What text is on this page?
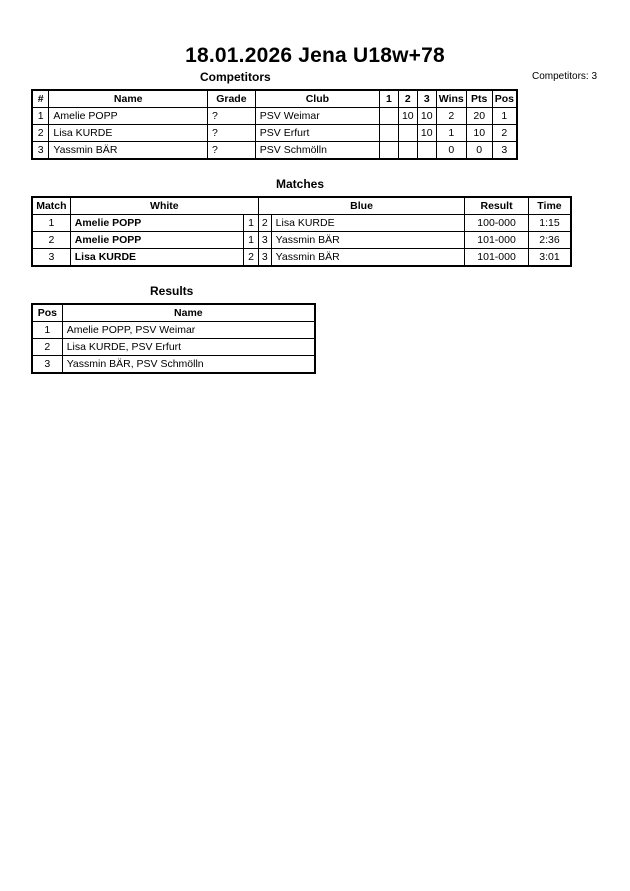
18.01.2026 Jena U18w+78
Competitors	Competitors: 3
#	Name	Grade	Club	1	2	3	Wins	Pts	Pos
1	Amelie POPP	?	PSV Weimar		10	10	2	20	1
2	Lisa KURDE	?	PSV Erfurt			10	1	10	2
3	Yassmin BÄR	?	PSV Schmölln				0	0	3
Matches
Match	White		Blue		Result	Time
1	Amelie POPP	1	2	Lisa KURDE	100-000	1:15
2	Amelie POPP	1	3	Yassmin BÄR	101-000	2:36
3	Lisa KURDE	2	3	Yassmin BÄR	101-000	3:01
Results
Pos	Name
1	Amelie POPP, PSV Weimar
2	Lisa KURDE, PSV Erfurt
3	Yassmin BÄR, PSV Schmölln
